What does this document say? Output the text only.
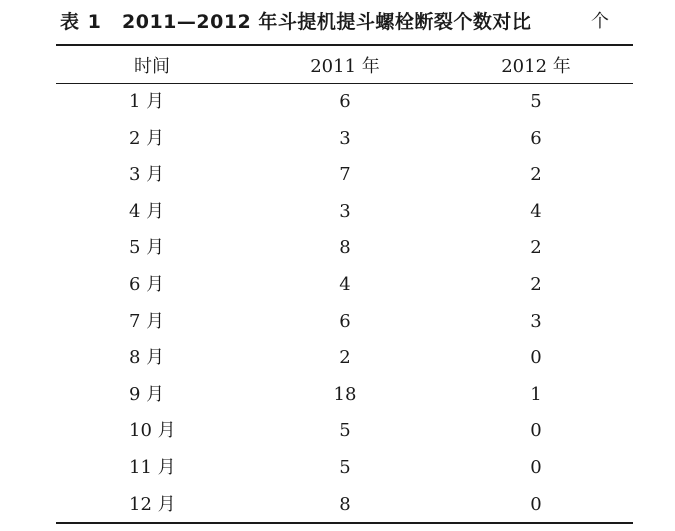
表 1 2011—2012 年斗提机提斗螺栓断裂个数对比	个
时间	2011 年	2012 年
1 月	6	5
2 月	3	6
3 月	7	2
4 月	3	4
5 月	8	2
6 月	4	2
7 月	6	3
8 月	2	0
9 月	18	1
10 月	5	0
11 月	5	0
12 月	8	0
